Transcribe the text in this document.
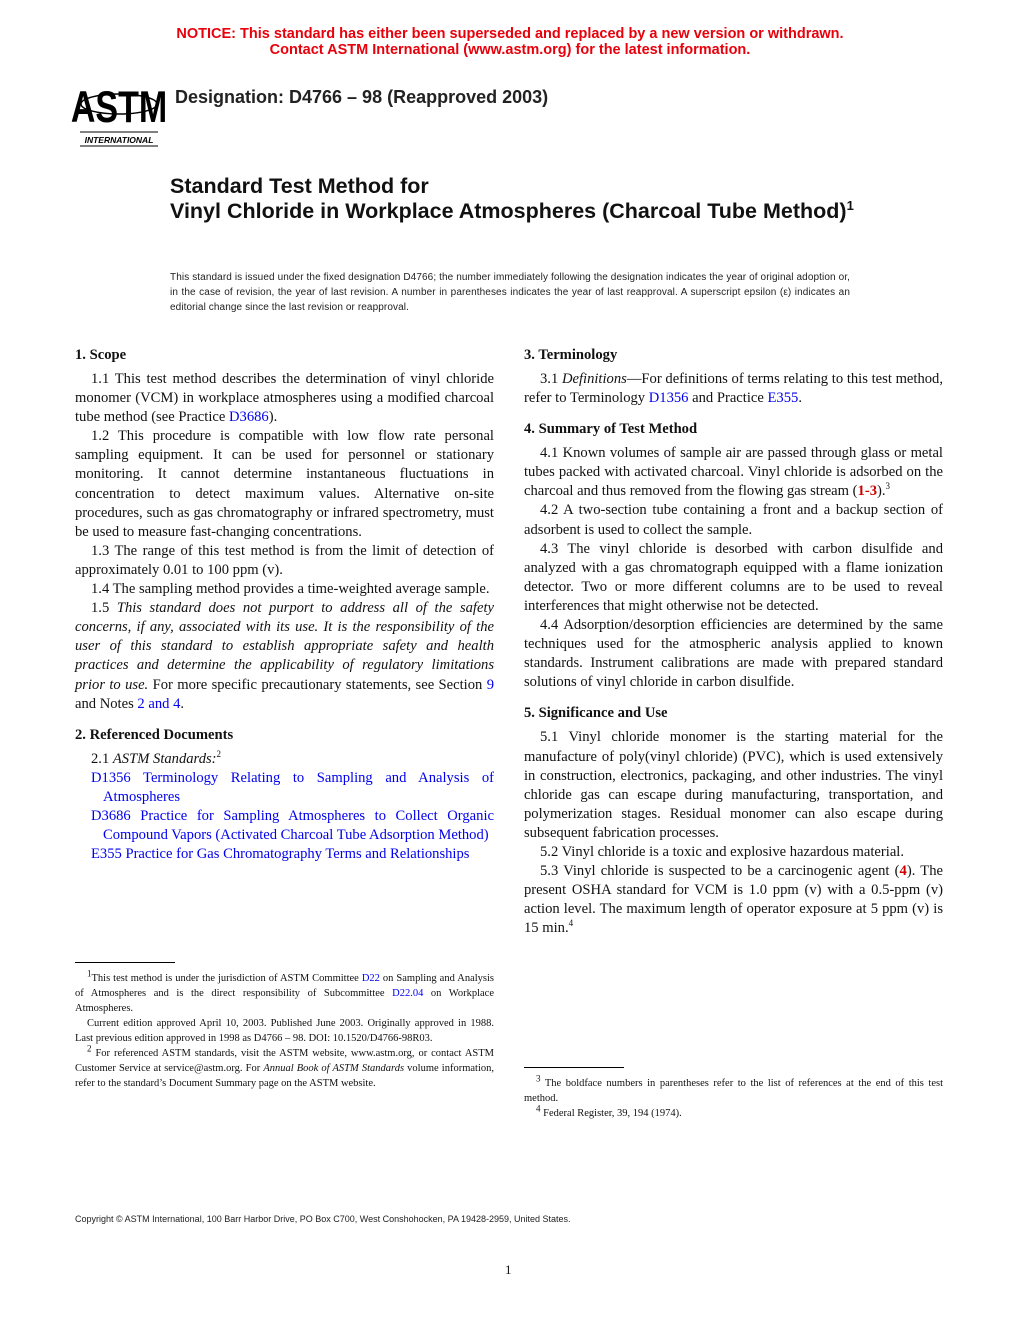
NOTICE: This standard has either been superseded and replaced by a new version or withdrawn.
Contact ASTM International (www.astm.org) for the latest information.
ASTM
INTERNATIONAL
Designation: D4766 – 98 (Reapproved 2003)
Standard Test Method for
Vinyl Chloride in Workplace Atmospheres (Charcoal Tube Method)$^1$
This standard is issued under the fixed designation D4766; the number immediately following the designation indicates the year of original adoption or, in the case of revision, the year of last revision. A number in parentheses indicates the year of last reapproval. A superscript epsilon (ε) indicates an editorial change since the last revision or reapproval.
1. Scope

1.1 This test method describes the determination of vinyl chloride monomer (VCM) in workplace atmospheres using a modified charcoal tube method (see Practice D3686).

1.2 This procedure is compatible with low flow rate personal sampling equipment. It can be used for personnel or stationary monitoring. It cannot determine instantaneous fluctuations in concentration to detect maximum values. Alternative on-site procedures, such as gas chromatography or infrared spectrometry, must be used to measure fast-changing concentrations.

1.3 The range of this test method is from the limit of detection of approximately 0.01 to 100 ppm (v).

1.4 The sampling method provides a time-weighted average sample.

1.5 This standard does not purport to address all of the safety concerns, if any, associated with its use. It is the responsibility of the user of this standard to establish appropriate safety and health practices and determine the applicability of regulatory limitations prior to use. For more specific precautionary statements, see Section 9 and Notes 2 and 4.

2. Referenced Documents

2.1 ASTM Standards:$^2$

D1356 Terminology Relating to Sampling and Analysis of Atmospheres

D3686 Practice for Sampling Atmospheres to Collect Organic Compound Vapors (Activated Charcoal Tube Adsorption Method)

E355 Practice for Gas Chromatography Terms and Relationships

3. Terminology

3.1 Definitions—For definitions of terms relating to this test method, refer to Terminology D1356 and Practice E355.

4. Summary of Test Method

4.1 Known volumes of sample air are passed through glass or metal tubes packed with activated charcoal. Vinyl chloride is adsorbed on the charcoal and thus removed from the flowing gas stream (1-3).$^3$

4.2 A two-section tube containing a front and a backup section of adsorbent is used to collect the sample.

4.3 The vinyl chloride is desorbed with carbon disulfide and analyzed with a gas chromatograph equipped with a flame ionization detector. Two or more different columns are to be used to reveal interferences that might otherwise not be detected.

4.4 Adsorption/desorption efficiencies are determined by the same techniques used for the atmospheric analysis applied to known standards. Instrument calibrations are made with prepared standard solutions of vinyl chloride in carbon disulfide.

5. Significance and Use

5.1 Vinyl chloride monomer is the starting material for the manufacture of poly(vinyl chloride) (PVC), which is used extensively in construction, electronics, packaging, and other industries. The vinyl chloride gas can escape during manufacturing, transportation, and polymerization stages. Residual monomer can also escape during subsequent fabrication processes.

5.2 Vinyl chloride is a toxic and explosive hazardous material.

5.3 Vinyl chloride is suspected to be a carcinogenic agent (4). The present OSHA standard for VCM is 1.0 ppm (v) with a 0.5-ppm (v) action level. The maximum length of operator exposure at 5 ppm (v) is 15 min.$^4$

$^1$This test method is under the jurisdiction of ASTM Committee D22 on Sampling and Analysis of Atmospheres and is the direct responsibility of Subcommittee D22.04 on Workplace Atmospheres.

Current edition approved April 10, 2003. Published June 2003. Originally approved in 1988. Last previous edition approved in 1998 as D4766 – 98. DOI: 10.1520/D4766-98R03.

$^2$ For referenced ASTM standards, visit the ASTM website, www.astm.org, or contact ASTM Customer Service at service@astm.org. For Annual Book of ASTM Standards volume information, refer to the standard’s Document Summary page on the ASTM website.	$^3$ The boldface numbers in parentheses refer to the list of references at the end of this test method.

$^4$ Federal Register, 39, 194 (1974).

Copyright © ASTM International, 100 Barr Harbor Drive, PO Box C700, West Conshohocken, PA 19428-2959, United States.
1
